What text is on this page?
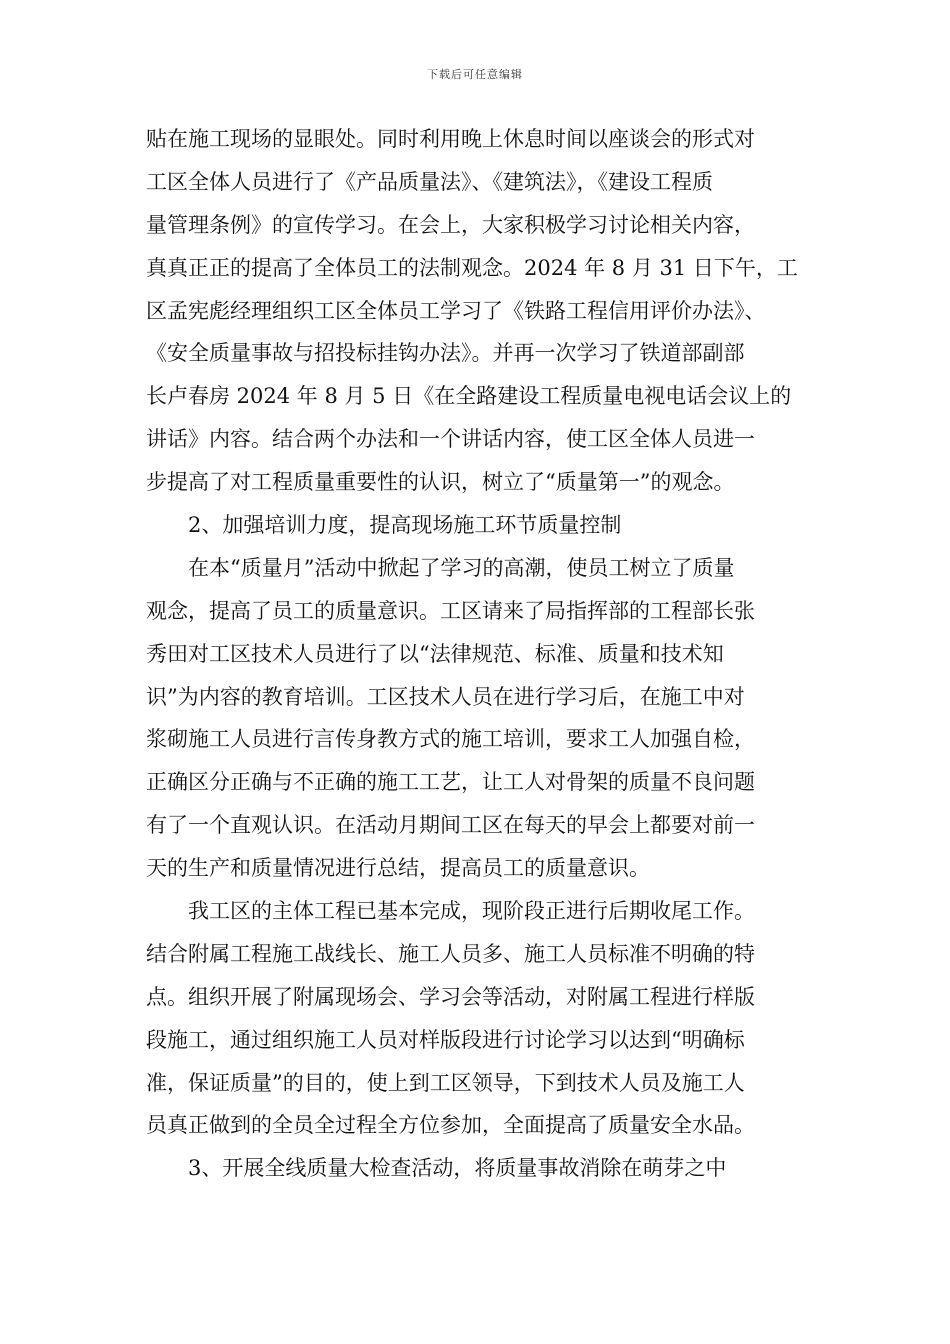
下载后可任意编辑
贴在施工现场的显眼处。同时利用晚上休息时间以座谈会的形式对
工区全体人员进行了《产品质量法》、《建筑法》，《建设工程质
量管理条例》的宣传学习。在会上，大家积极学习讨论相关内容，
真真正正的提高了全体员工的法制观念。2024 年 8 月 31 日下午，工
区孟宪彪经理组织工区全体员工学习了《铁路工程信用评价办法》、
《安全质量事故与招投标挂钩办法》。并再一次学习了铁道部副部
长卢春房 2024 年 8 月 5 日《在全路建设工程质量电视电话会议上的
讲话》内容。结合两个办法和一个讲话内容，使工区全体人员进一
步提高了对工程质量重要性的认识，树立了“质量第一”的观念。
2、加强培训力度，提高现场施工环节质量控制
在本“质量月”活动中掀起了学习的高潮，使员工树立了质量
观念，提高了员工的质量意识。工区请来了局指挥部的工程部长张
秀田对工区技术人员进行了以“法律规范、标准、质量和技术知
识”为内容的教育培训。工区技术人员在进行学习后，在施工中对
浆砌施工人员进行言传身教方式的施工培训，要求工人加强自检，
正确区分正确与不正确的施工工艺，让工人对骨架的质量不良问题
有了一个直观认识。在活动月期间工区在每天的早会上都要对前一
天的生产和质量情况进行总结，提高员工的质量意识。
我工区的主体工程已基本完成，现阶段正进行后期收尾工作。
结合附属工程施工战线长、施工人员多、施工人员标准不明确的特
点。组织开展了附属现场会、学习会等活动，对附属工程进行样版
段施工，通过组织施工人员对样版段进行讨论学习以达到“明确标
准，保证质量”的目的，使上到工区领导，下到技术人员及施工人
员真正做到的全员全过程全方位参加，全面提高了质量安全水品。
3、开展全线质量大检查活动，将质量事故消除在萌芽之中
